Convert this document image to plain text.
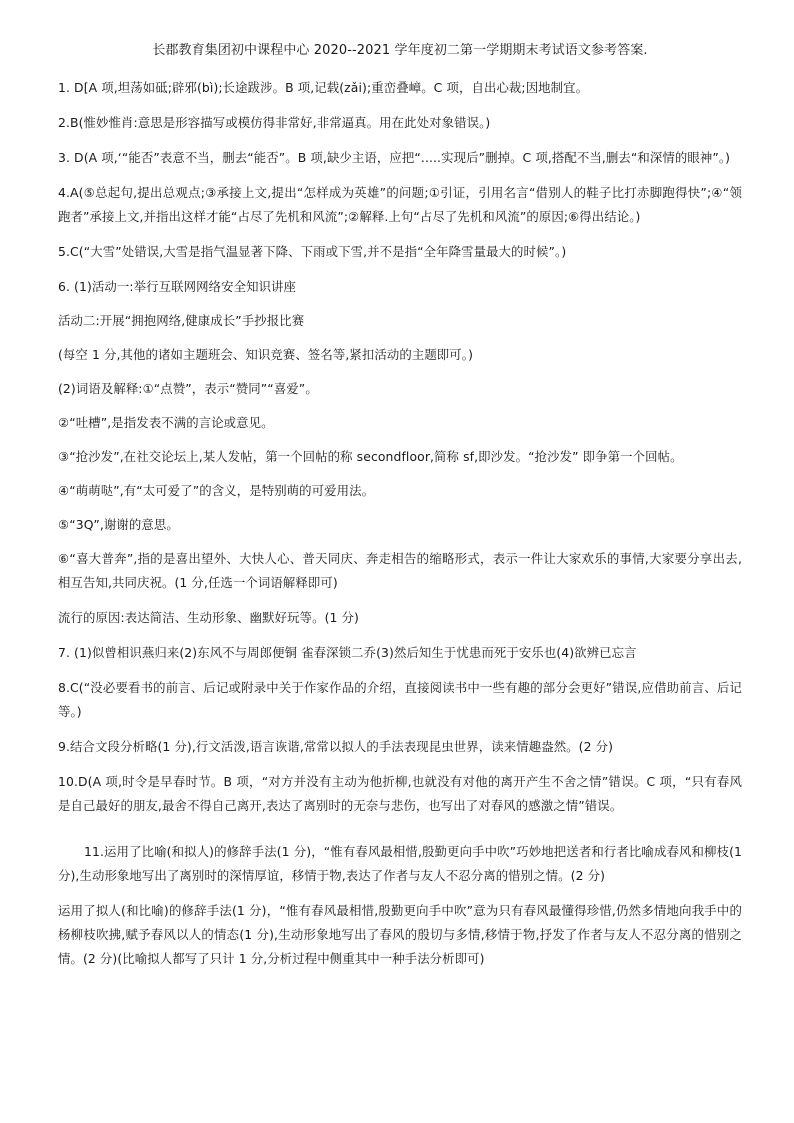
长郡教育集团初中课程中心 2020--2021 学年度初二第一学期期末考试语文参考答案.

1. D[A 项,坦荡如砥;辟邪(bì);长途跋涉。B 项,记载(zǎi);重峦叠嶂。C 项，自出心裁;因地制宜。

2.B(惟妙惟肖:意思是形容描写或模仿得非常好,非常逼真。用在此处对象错误。)

3. D(A 项,‘“能否”表意不当，删去“能否”。B 项,缺少主语，应把“.....实现后”删掉。C 项,搭配不当,删去“和深情的眼神”。)

4.A(⑤总起句,提出总观点;③承接上文,提出“怎样成为英雄”的问题;①引证，引用名言“借别人的鞋子比打赤脚跑得快”;④“领跑者”承接上文,并指出这样才能“占尽了先机和风流”;②解释.上句“占尽了先机和风流”的原因;⑥得出结论。)

5.C(“大雪”处错误,大雪是指气温显著下降、下雨或下雪,并不是指“全年降雪量最大的时候”。)

6. (1)活动一:举行互联网网络安全知识讲座

活动二:开展“拥抱网络,健康成长”手抄报比赛

(每空 1 分,其他的诸如主题班会、知识竞赛、签名等,紧扣活动的主题即可。)

(2)词语及解释:①“点赞”，表示“赞同”“喜爱”。

②“吐槽”,是指发表不满的言论或意见。

③“抢沙发”,在社交论坛上,某人发帖，第一个回帖的称 secondfloor,简称 sf,即沙发。“抢沙发” 即争第一个回帖。

④“萌萌哒”,有“太可爱了”的含义，是特别萌的可爱用法。

⑤“3Q”,谢谢的意思。

⑥“喜大普奔”,指的是喜出望外、大快人心、普天同庆、奔走相告的缩略形式，表示一件让大家欢乐的事情,大家要分享出去,相互告知,共同庆祝。(1 分,任选一个词语解释即可)

流行的原因:表达简洁、生动形象、幽默好玩等。(1 分)

7. (1)似曾相识燕归来(2)东风不与周郎便铜 雀春深锁二乔(3)然后知生于忧患而死于安乐也(4)欲辨已忘言

8.C(“没必要看书的前言、后记或附录中关于作家作品的介绍，直接阅读书中一些有趣的部分会更好”错误,应借助前言、后记等。)

9.结合文段分析略(1 分),行文活泼,语言诙谐,常常以拟人的手法表现昆虫世界，读来情趣盎然。(2 分)

10.D(A 项,时令是早春时节。B 项，“对方并没有主动为他折柳,也就没有对他的离开产生不舍之情”错误。C 项，“只有春风是自己最好的朋友,最舍不得自己离开,表达了离别时的无奈与悲伤，也写出了对春风的感激之情”错误。

11.运用了比喻(和拟人)的修辞手法(1 分)，“惟有春风最相惜,殷勤更向手中吹”巧妙地把送者和行者比喻成春风和柳枝(1 分),生动形象地写出了离别时的深情厚谊，移情于物,表达了作者与友人不忍分离的惜别之情。(2 分)

运用了拟人(和比喻)的修辞手法(1 分)，“惟有春风最相惜,殷勤更向手中吹”意为只有春风最懂得珍惜,仍然多情地向我手中的杨柳枝吹拂,赋予春风以人的情态(1 分),生动形象地写出了春风的殷切与多情,移情于物,抒发了作者与友人不忍分离的惜别之情。(2 分)(比喻拟人都写了只计 1 分,分析过程中侧重其中一种手法分析即可)
